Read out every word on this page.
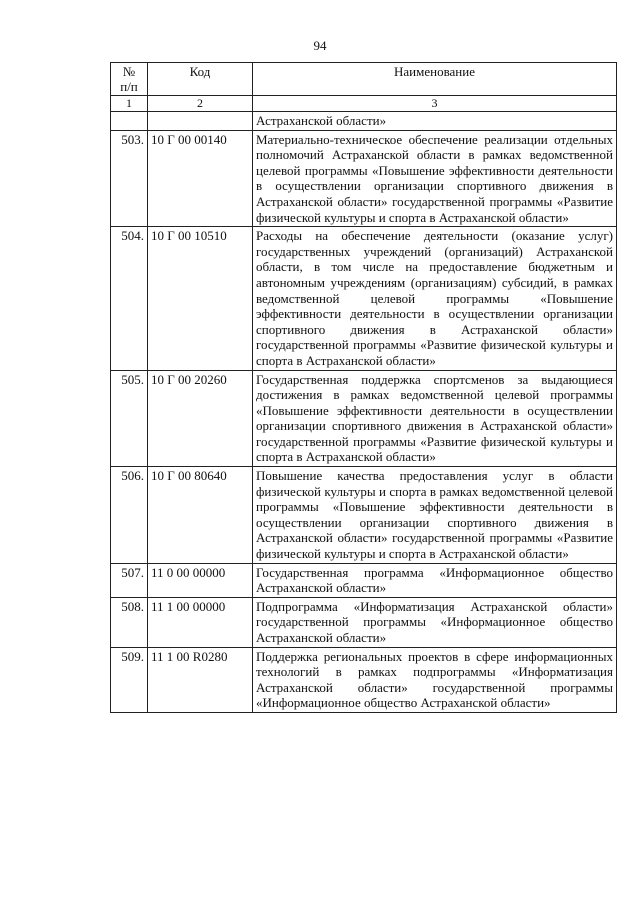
94
№
п/п	Код	Наименование
1	2	3
		Астраханской области»
503.	10 Г 00 00140	Материально-техническое обеспечение реализации отдельных полномочий Астраханской области в рамках ведомственной целевой программы «Повышение эффективности деятельности в осуществлении организации спортивного движения в Астраханской области» государственной программы «Развитие физической культуры и спорта в Астраханской области»
504.	10 Г 00 10510	Расходы на обеспечение деятельности (оказание услуг) государственных учреждений (организаций) Астраханской области, в том числе на предоставление бюджетным и автономным учреждениям (организациям) субсидий, в рамках ведомственной целевой программы «Повышение эффективности деятельности в осуществлении организации спортивного движения в Астраханской области» государственной программы «Развитие физической культуры и спорта в Астраханской области»
505.	10 Г 00 20260	Государственная поддержка спортсменов за выдающиеся достижения в рамках ведомственной целевой программы «Повышение эффективности деятельности в осуществлении организации спортивного движения в Астраханской области» государственной программы «Развитие физической культуры и спорта в Астраханской области»
506.	10 Г 00 80640	Повышение качества предоставления услуг в области физической культуры и спорта в рамках ведомственной целевой программы «Повышение эффективности деятельности в осуществлении организации спортивного движения в Астраханской области» государственной программы «Развитие физической культуры и спорта в Астраханской области»
507.	11 0 00 00000	Государственная программа «Информационное общество Астраханской области»
508.	11 1 00 00000	Подпрограмма «Информатизация Астраханской области» государственной программы «Информационное общество Астраханской области»
509.	11 1 00 R0280	Поддержка региональных проектов в сфере информационных технологий в рамках подпрограммы «Информатизация Астраханской области» государственной программы «Информационное общество Астраханской области»
